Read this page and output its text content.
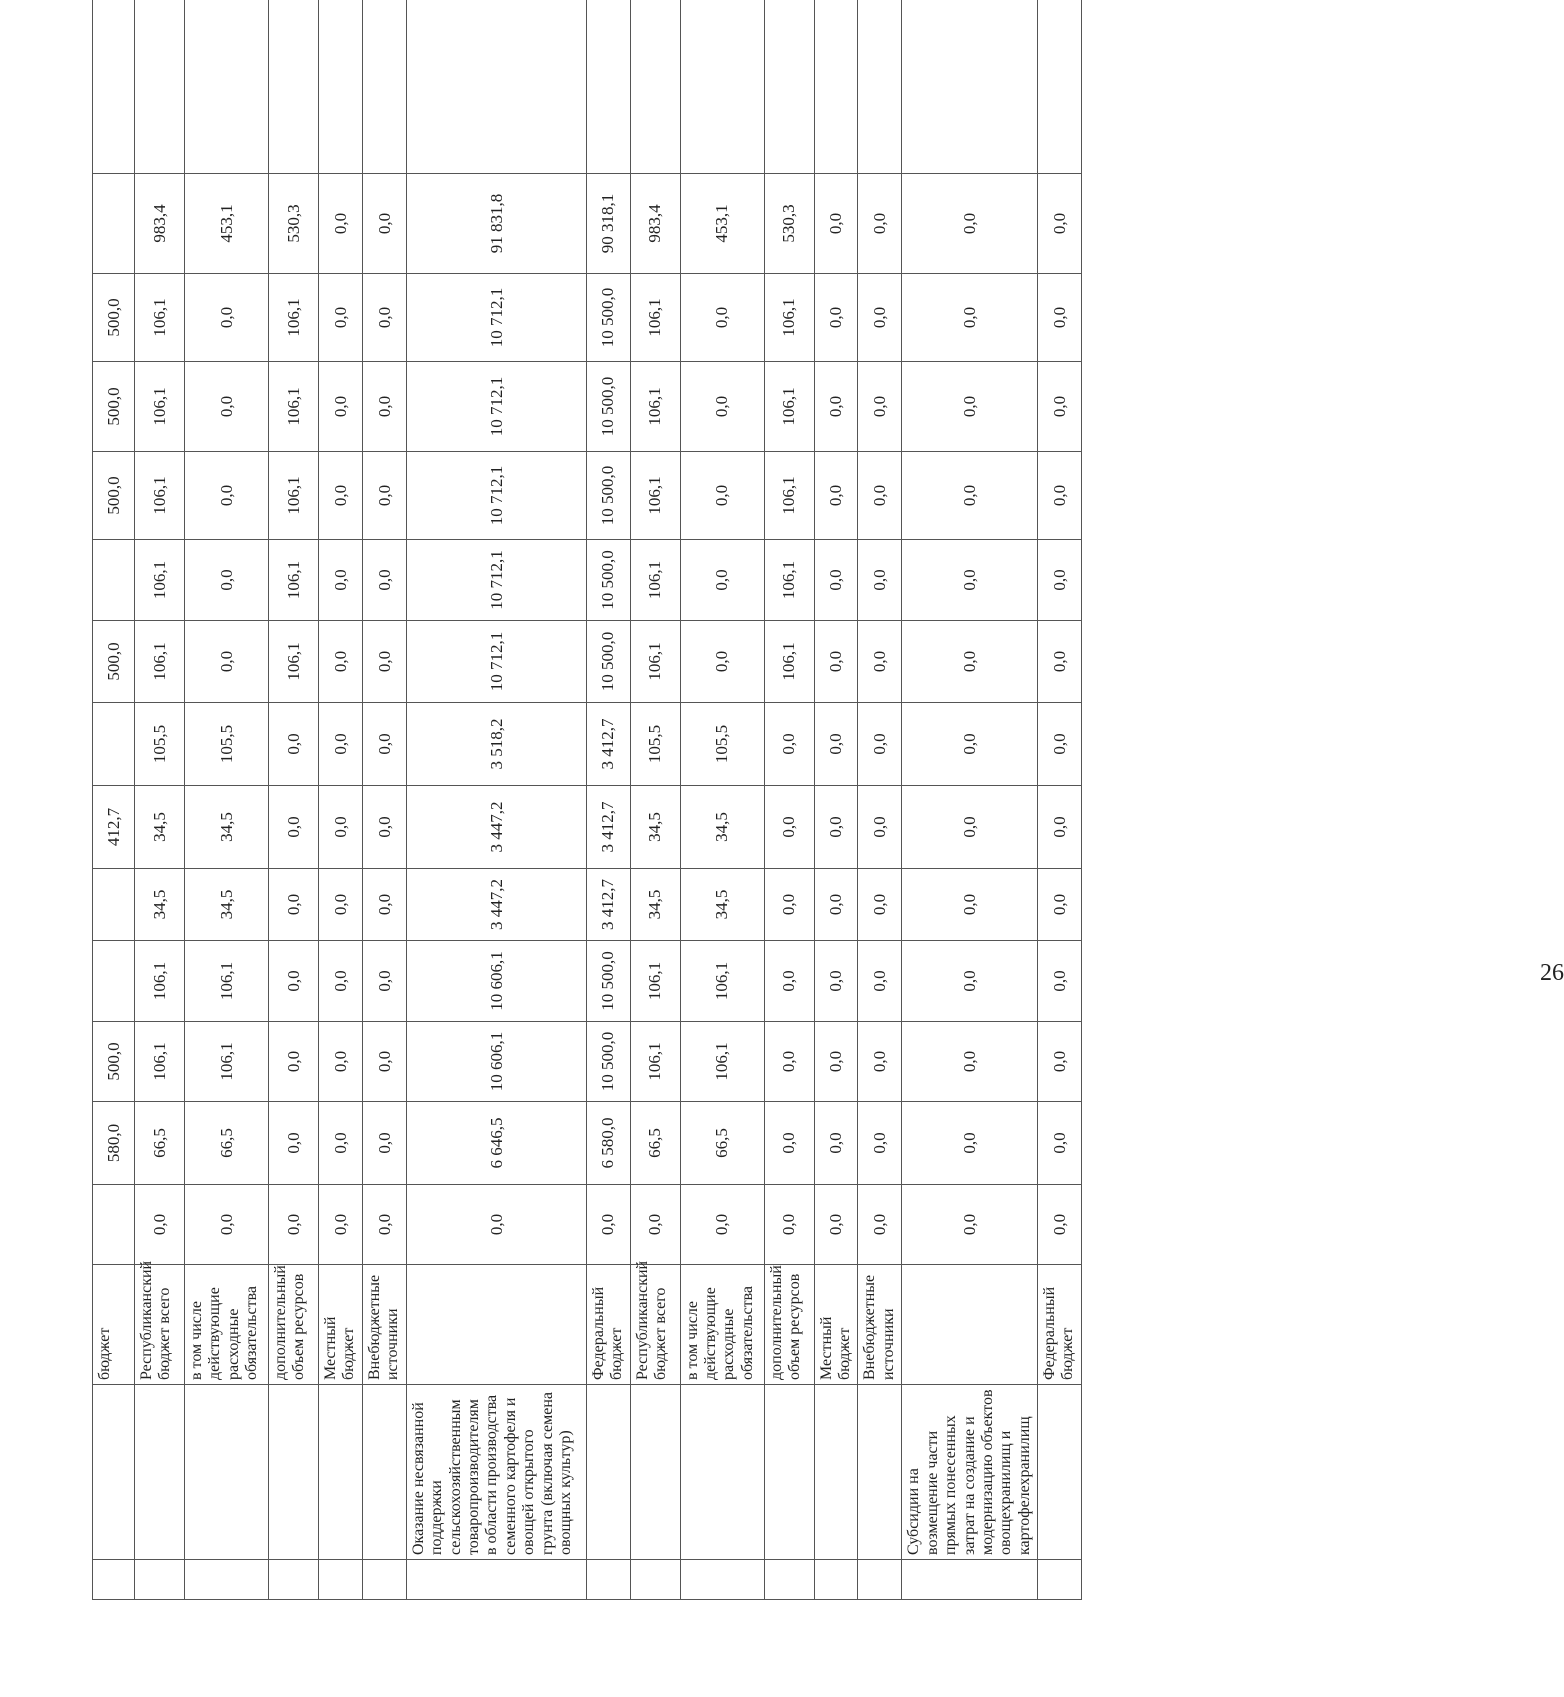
		бюджет		580,0	500,0			412,7		500,0		500,0	500,0	500,0		
		Республиканский бюджет всего	0,0	66,5	106,1	106,1	34,5	34,5	105,5	106,1	106,1	106,1	106,1	106,1	983,4	
		в том числе действующие расходные обязательства	0,0	66,5	106,1	106,1	34,5	34,5	105,5	0,0	0,0	0,0	0,0	0,0	453,1	
		дополнительный объем ресурсов	0,0	0,0	0,0	0,0	0,0	0,0	0,0	106,1	106,1	106,1	106,1	106,1	530,3	
		Местный бюджет	0,0	0,0	0,0	0,0	0,0	0,0	0,0	0,0	0,0	0,0	0,0	0,0	0,0	
		Внебюджетные источники	0,0	0,0	0,0	0,0	0,0	0,0	0,0	0,0	0,0	0,0	0,0	0,0	0,0	
	Оказание несвязанной поддержки сельскохозяйственным товаропроизводителям в области производства семенного картофеля и овощей открытого грунта (включая семена овощных культур)		0,0	6 646,5	10 606,1	10 606,1	3 447,2	3 447,2	3 518,2	10 712,1	10 712,1	10 712,1	10 712,1	10 712,1	91 831,8	
		Федеральный бюджет	0,0	6 580,0	10 500,0	10 500,0	3 412,7	3 412,7	3 412,7	10 500,0	10 500,0	10 500,0	10 500,0	10 500,0	90 318,1	
		Республиканский бюджет всего	0,0	66,5	106,1	106,1	34,5	34,5	105,5	106,1	106,1	106,1	106,1	106,1	983,4	
		в том числе действующие расходные обязательства	0,0	66,5	106,1	106,1	34,5	34,5	105,5	0,0	0,0	0,0	0,0	0,0	453,1	
		дополнительный объем ресурсов	0,0	0,0	0,0	0,0	0,0	0,0	0,0	106,1	106,1	106,1	106,1	106,1	530,3	
		Местный бюджет	0,0	0,0	0,0	0,0	0,0	0,0	0,0	0,0	0,0	0,0	0,0	0,0	0,0	
		Внебюджетные источники	0,0	0,0	0,0	0,0	0,0	0,0	0,0	0,0	0,0	0,0	0,0	0,0	0,0	
	Субсидии на возмещение части прямых понесенных затрат на создание и модернизацию объектов овощехранилищ и картофелехранилищ		0,0	0,0	0,0	0,0	0,0	0,0	0,0	0,0	0,0	0,0	0,0	0,0	0,0	
		Федеральный бюджет	0,0	0,0	0,0	0,0	0,0	0,0	0,0	0,0	0,0	0,0	0,0	0,0	0,0	
26
